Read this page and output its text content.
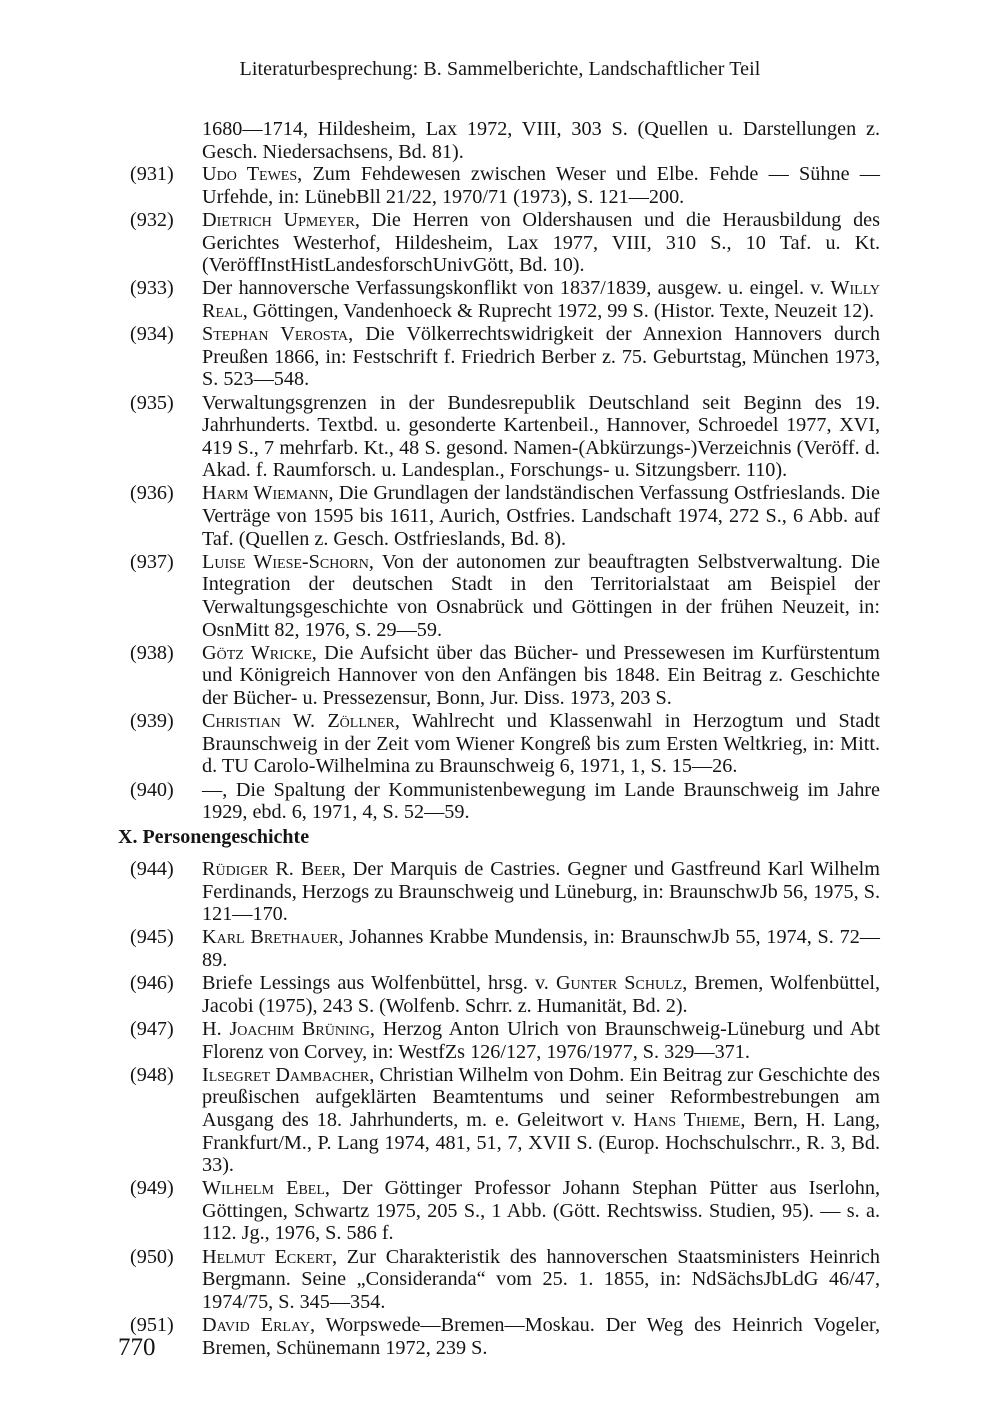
Literaturbesprechung: B. Sammelberichte, Landschaftlicher Teil
1680—1714, Hildesheim, Lax 1972, VIII, 303 S. (Quellen u. Darstellungen z. Gesch. Niedersachsens, Bd. 81).
(931) Udo Tewes, Zum Fehdewesen zwischen Weser und Elbe. Fehde — Sühne — Urfehde, in: LünebBll 21/22, 1970/71 (1973), S. 121—200.
(932) Dietrich Upmeyer, Die Herren von Oldershausen und die Herausbildung des Gerichtes Westerhof, Hildesheim, Lax 1977, VIII, 310 S., 10 Taf. u. Kt. (VeröffInstHistLandesforschUnivGött, Bd. 10).
(933) Der hannoversche Verfassungskonflikt von 1837/1839, ausgew. u. eingel. v. Willy Real, Göttingen, Vandenhoeck & Ruprecht 1972, 99 S. (Histor. Texte, Neuzeit 12).
(934) Stephan Verosta, Die Völkerrechtswidrigkeit der Annexion Hannovers durch Preußen 1866, in: Festschrift f. Friedrich Berber z. 75. Geburtstag, München 1973, S. 523—548.
(935) Verwaltungsgrenzen in der Bundesrepublik Deutschland seit Beginn des 19. Jahrhunderts. Textbd. u. gesonderte Kartenbeil., Hannover, Schroedel 1977, XVI, 419 S., 7 mehrfarb. Kt., 48 S. gesond. Namen-(Abkürzungs-)Verzeichnis (Veröff. d. Akad. f. Raumforsch. u. Landesplan., Forschungs- u. Sitzungsberr. 110).
(936) Harm Wiemann, Die Grundlagen der landständischen Verfassung Ostfrieslands. Die Verträge von 1595 bis 1611, Aurich, Ostfries. Landschaft 1974, 272 S., 6 Abb. auf Taf. (Quellen z. Gesch. Ostfrieslands, Bd. 8).
(937) Luise Wiese-Schorn, Von der autonomen zur beauftragten Selbstverwaltung. Die Integration der deutschen Stadt in den Territorialstaat am Beispiel der Verwaltungsgeschichte von Osnabrück und Göttingen in der frühen Neuzeit, in: OsnMitt 82, 1976, S. 29—59.
(938) Götz Wricke, Die Aufsicht über das Bücher- und Pressewesen im Kurfürstentum und Königreich Hannover von den Anfängen bis 1848. Ein Beitrag z. Geschichte der Bücher- u. Pressezensur, Bonn, Jur. Diss. 1973, 203 S.
(939) Christian W. Zöllner, Wahlrecht und Klassenwahl in Herzogtum und Stadt Braunschweig in der Zeit vom Wiener Kongreß bis zum Ersten Weltkrieg, in: Mitt. d. TU Carolo-Wilhelmina zu Braunschweig 6, 1971, 1, S. 15—26.
(940) —, Die Spaltung der Kommunistenbewegung im Lande Braunschweig im Jahre 1929, ebd. 6, 1971, 4, S. 52—59.
X. Personengeschichte
(944) Rüdiger R. Beer, Der Marquis de Castries. Gegner und Gastfreund Karl Wilhelm Ferdinands, Herzogs zu Braunschweig und Lüneburg, in: BraunschwJb 56, 1975, S. 121—170.
(945) Karl Brethauer, Johannes Krabbe Mundensis, in: BraunschwJb 55, 1974, S. 72—89.
(946) Briefe Lessings aus Wolfenbüttel, hrsg. v. Gunter Schulz, Bremen, Wolfenbüttel, Jacobi (1975), 243 S. (Wolfenb. Schrr. z. Humanität, Bd. 2).
(947) H. Joachim Brüning, Herzog Anton Ulrich von Braunschweig-Lüneburg und Abt Florenz von Corvey, in: WestfZs 126/127, 1976/1977, S. 329—371.
(948) Ilsegret Dambacher, Christian Wilhelm von Dohm. Ein Beitrag zur Geschichte des preußischen aufgeklärten Beamtentums und seiner Reformbestrebungen am Ausgang des 18. Jahrhunderts, m. e. Geleitwort v. Hans Thieme, Bern, H. Lang, Frankfurt/M., P. Lang 1974, 481, 51, 7, XVII S. (Europ. Hochschulschrr., R. 3, Bd. 33).
(949) Wilhelm Ebel, Der Göttinger Professor Johann Stephan Pütter aus Iserlohn, Göttingen, Schwartz 1975, 205 S., 1 Abb. (Gött. Rechtswiss. Studien, 95). — s. a. 112. Jg., 1976, S. 586 f.
(950) Helmut Eckert, Zur Charakteristik des hannoverschen Staatsministers Heinrich Bergmann. Seine „Consideranda“ vom 25. 1. 1855, in: NdSächsJbLdG 46/47, 1974/75, S. 345—354.
(951) David Erlay, Worpswede—Bremen—Moskau. Der Weg des Heinrich Vogeler, Bremen, Schünemann 1972, 239 S.
770
